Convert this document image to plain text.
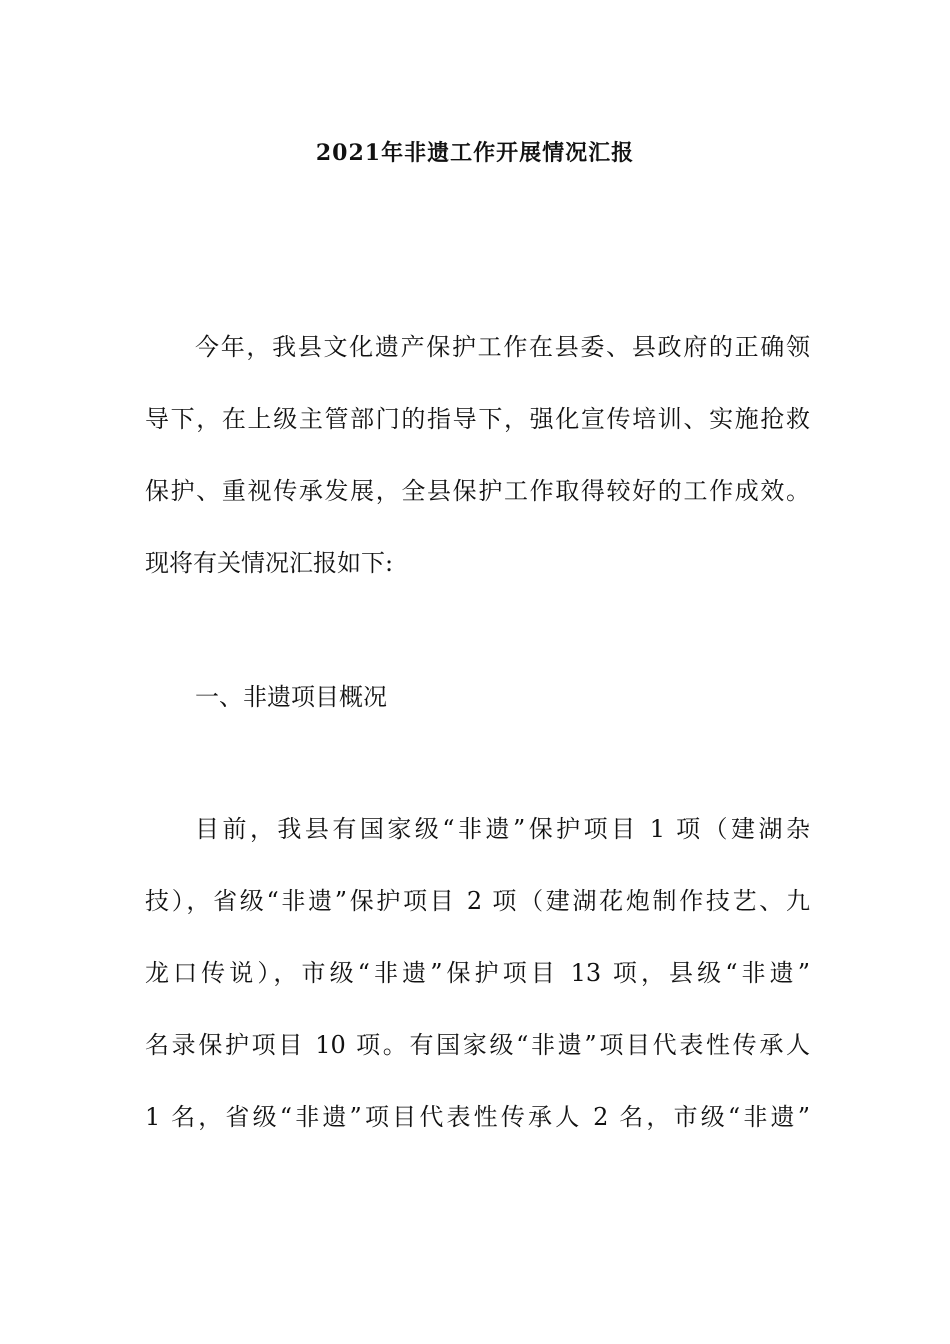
2021年非遗工作开展情况汇报
今年，我县文化遗产保护工作在县委、县政府的正确领
导下，在上级主管部门的指导下，强化宣传培训、实施抢救
保护、重视传承发展，全县保护工作取得较好的工作成效。
现将有关情况汇报如下:
一、非遗项目概况
目前，我县有国家级“非遗”保护项目 1 项（建湖杂
技），省级“非遗”保护项目 2 项（建湖花炮制作技艺、九
龙口传说），市级“非遗”保护项目 13 项，县级“非遗”
名录保护项目 10 项。有国家级“非遗”项目代表性传承人
1 名，省级“非遗”项目代表性传承人 2 名，市级“非遗”
